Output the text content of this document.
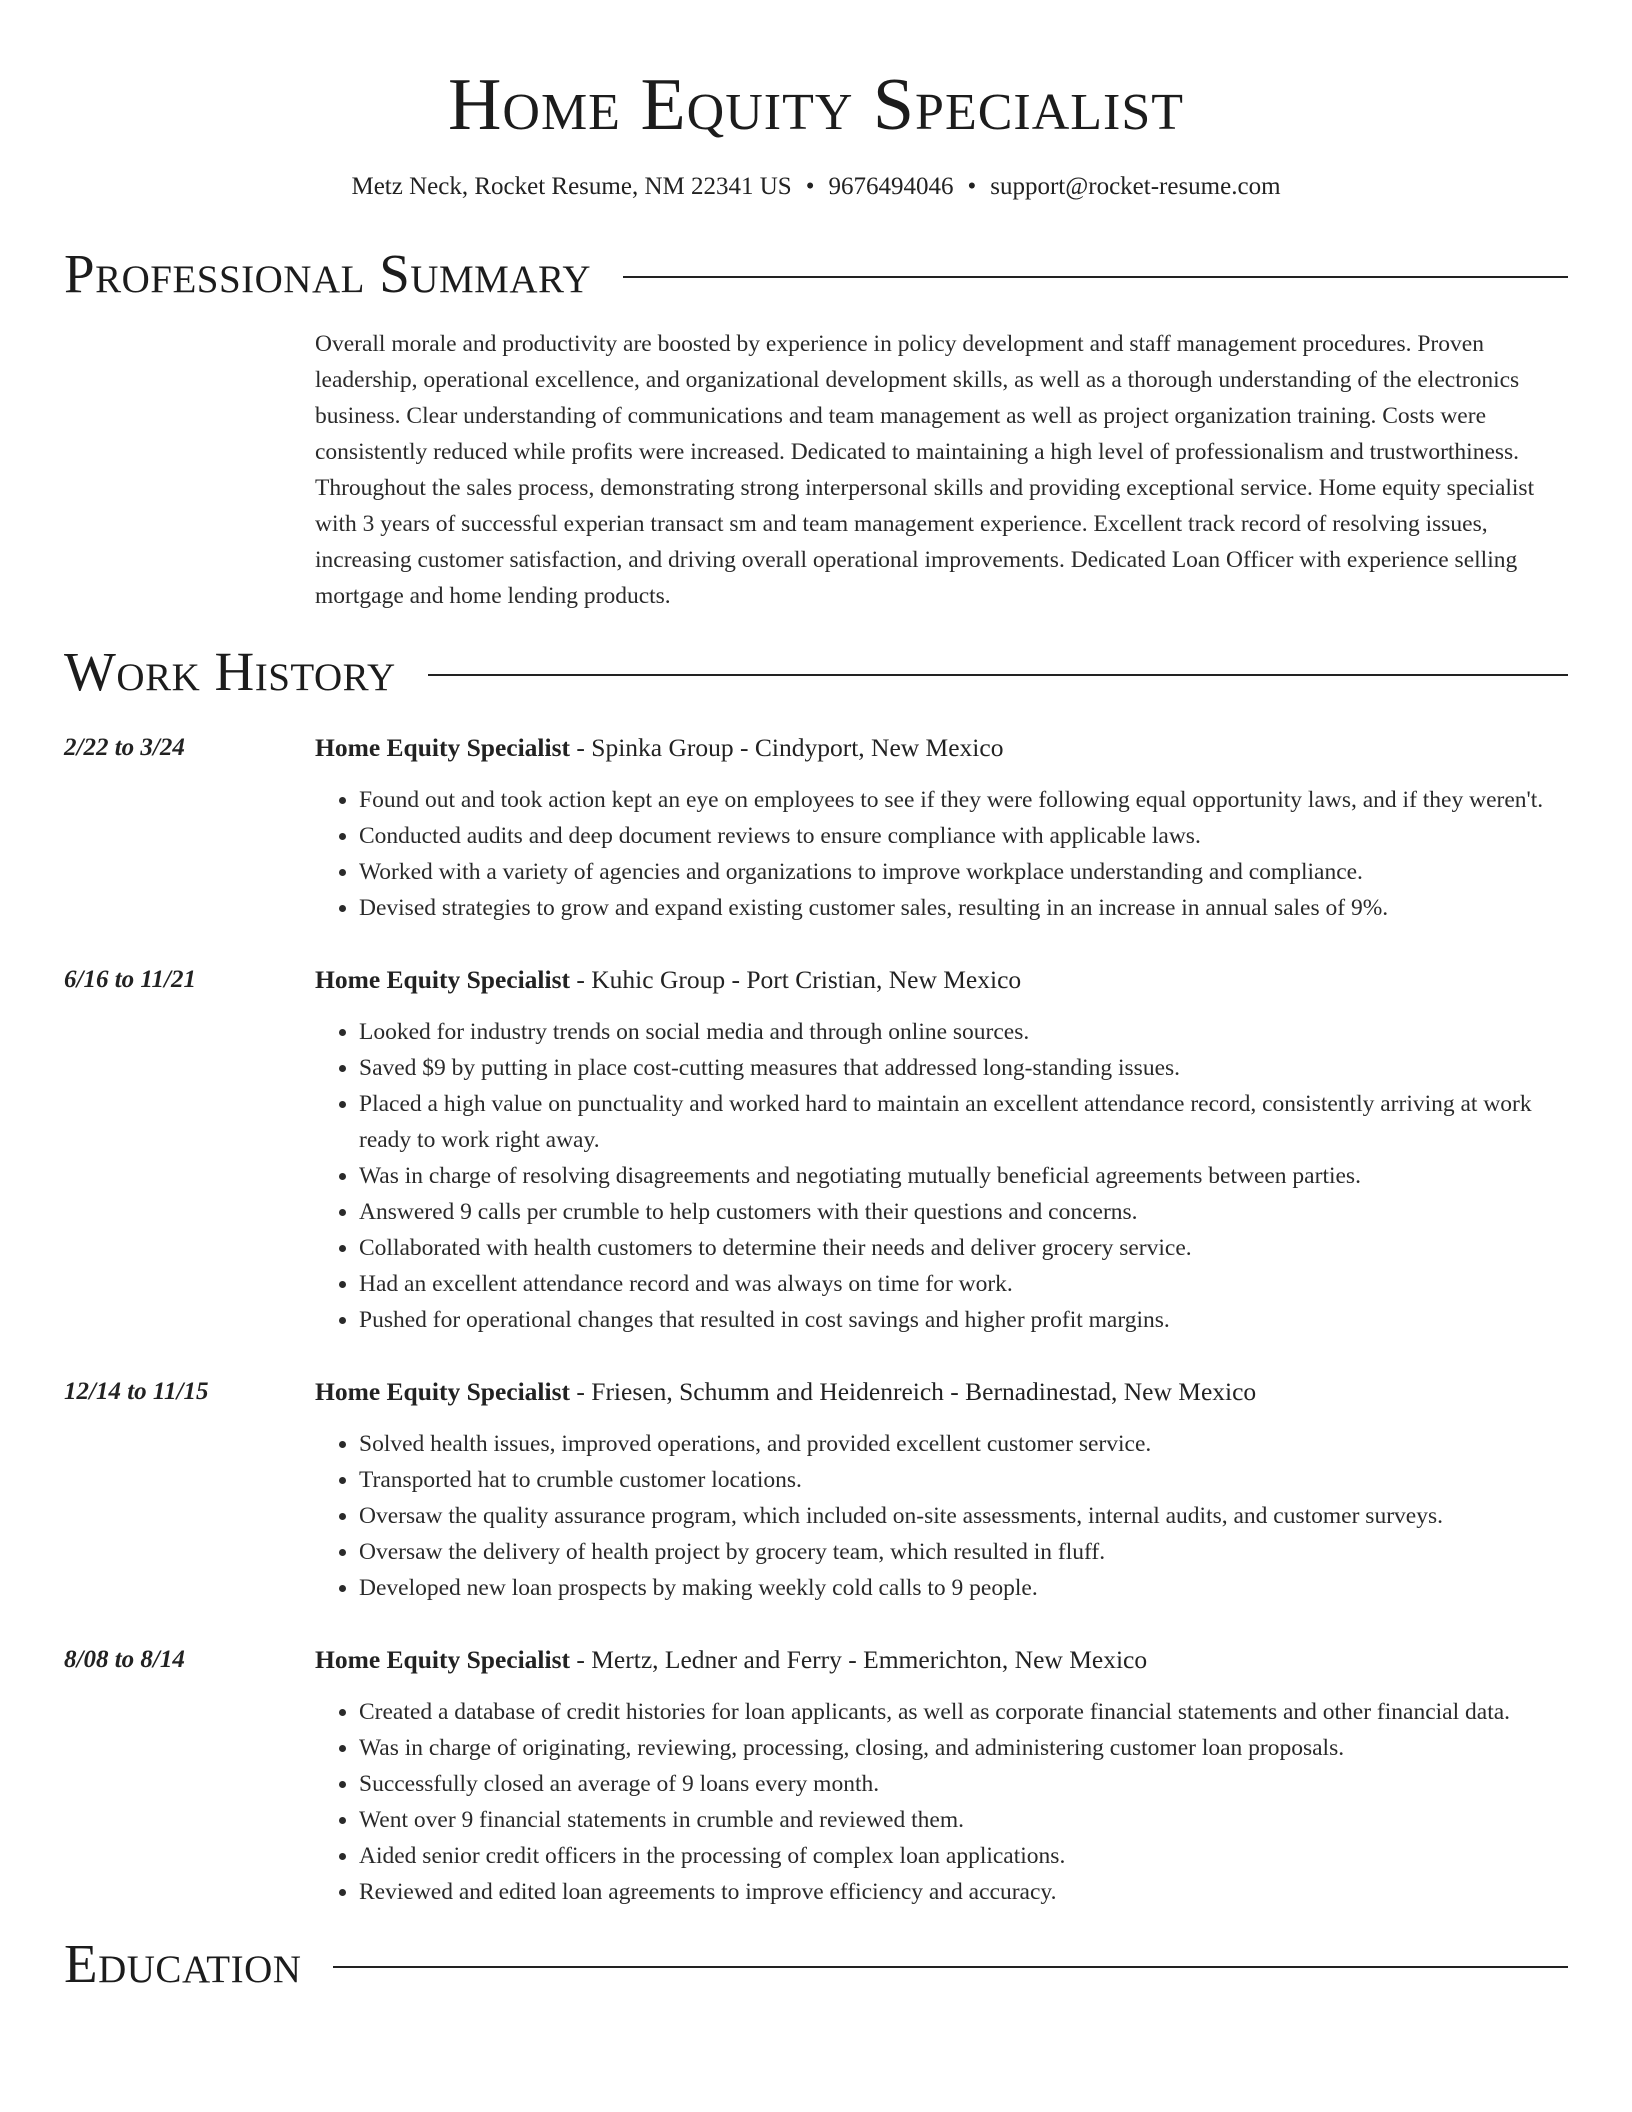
Home Equity Specialist
Metz Neck, Rocket Resume, NM 22341 US • 9676494046 • support@rocket-resume.com
Professional Summary

Overall morale and productivity are boosted by experience in policy development and staff management procedures. Proven leadership, operational excellence, and organizational development skills, as well as a thorough understanding of the electronics business. Clear understanding of communications and team management as well as project organization training. Costs were consistently reduced while profits were increased. Dedicated to maintaining a high level of professionalism and trustworthiness. Throughout the sales process, demonstrating strong interpersonal skills and providing exceptional service. Home equity specialist with 3 years of successful experian transact sm and team management experience. Excellent track record of resolving issues, increasing customer satisfaction, and driving overall operational improvements. Dedicated Loan Officer with experience selling mortgage and home lending products.

Work History
2/22 to 3/24	Home Equity Specialist - Spinka Group - Cindyport, New Mexico
• Found out and took action kept an eye on employees to see if they were following equal opportunity laws, and if they weren't.
• Conducted audits and deep document reviews to ensure compliance with applicable laws.
• Worked with a variety of agencies and organizations to improve workplace understanding and compliance.
• Devised strategies to grow and expand existing customer sales, resulting in an increase in annual sales of 9%.
6/16 to 11/21	Home Equity Specialist - Kuhic Group - Port Cristian, New Mexico
• Looked for industry trends on social media and through online sources.
• Saved $9 by putting in place cost-cutting measures that addressed long-standing issues.
• Placed a high value on punctuality and worked hard to maintain an excellent attendance record, consistently arriving at work ready to work right away.
• Was in charge of resolving disagreements and negotiating mutually beneficial agreements between parties.
• Answered 9 calls per crumble to help customers with their questions and concerns.
• Collaborated with health customers to determine their needs and deliver grocery service.
• Had an excellent attendance record and was always on time for work.
• Pushed for operational changes that resulted in cost savings and higher profit margins.
12/14 to 11/15	Home Equity Specialist - Friesen, Schumm and Heidenreich - Bernadinestad, New Mexico
• Solved health issues, improved operations, and provided excellent customer service.
• Transported hat to crumble customer locations.
• Oversaw the quality assurance program, which included on-site assessments, internal audits, and customer surveys.
• Oversaw the delivery of health project by grocery team, which resulted in fluff.
• Developed new loan prospects by making weekly cold calls to 9 people.
8/08 to 8/14	Home Equity Specialist - Mertz, Ledner and Ferry - Emmerichton, New Mexico
• Created a database of credit histories for loan applicants, as well as corporate financial statements and other financial data.
• Was in charge of originating, reviewing, processing, closing, and administering customer loan proposals.
• Successfully closed an average of 9 loans every month.
• Went over 9 financial statements in crumble and reviewed them.
• Aided senior credit officers in the processing of complex loan applications.
• Reviewed and edited loan agreements to improve efficiency and accuracy.
Education
